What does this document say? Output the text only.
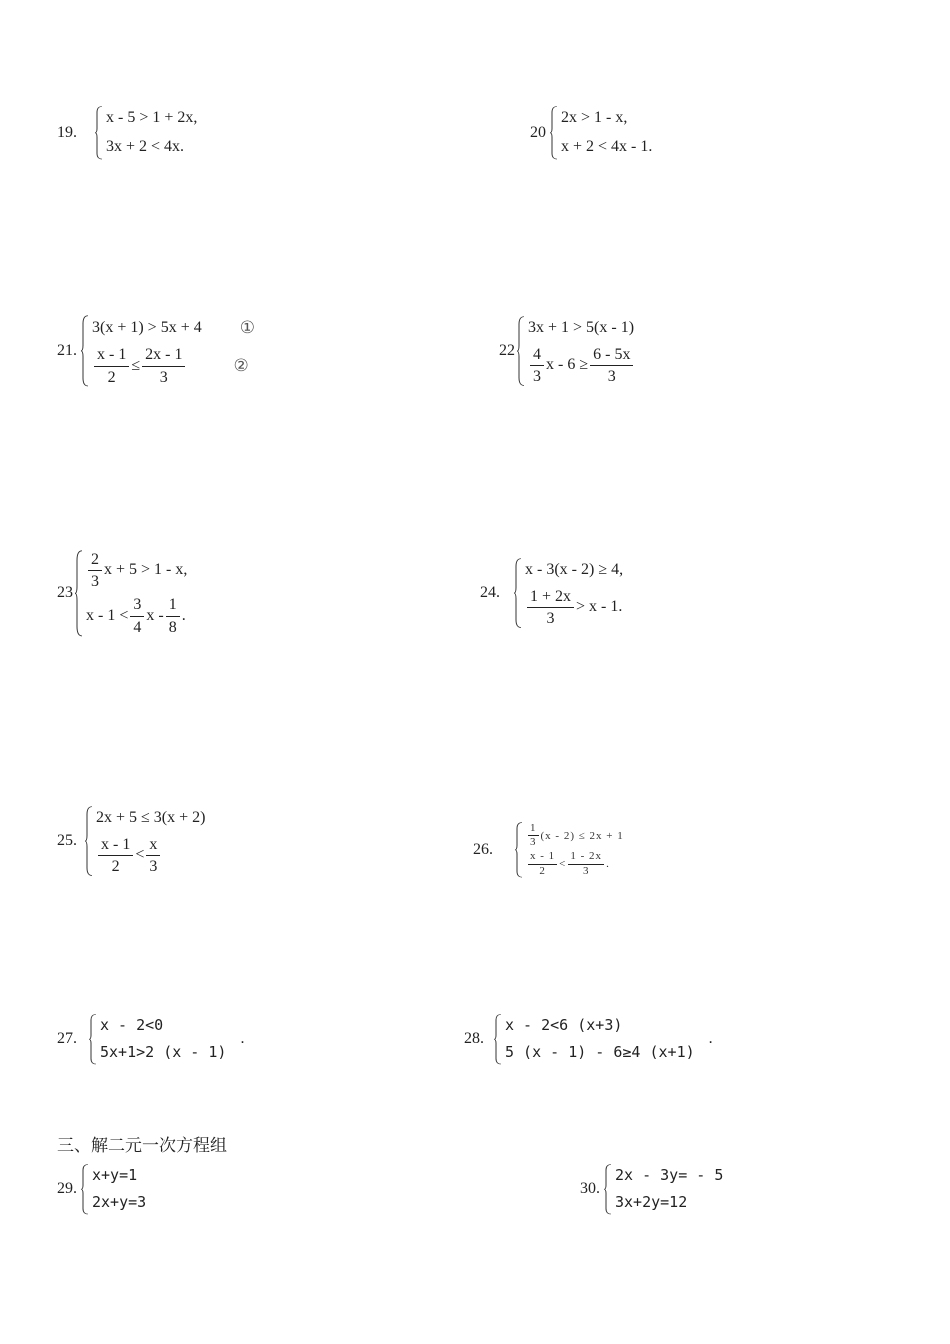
19.
x - 5 > 1 + 2x,
3x + 2 < 4x.
20
2x > 1 - x,
x + 2 < 4x - 1.
21.
3(x + 1) > 5x + 4 ①
$\frac{x - 1}{2} \le \frac{2x - 1}{3}$	②
22
3x + 1 > 5(x - 1)
$\frac{4}{3}$ $x - 6 \ge \frac{6 - 5x}{3}$
23
$\frac{2}{3}$ x + 5 > 1 - x,
$x - 1 < \frac{3}{4}$ x - $\frac{1}{8}$ .
24.
x - 3(x - 2) ≥ 4,
$\frac{1 + 2x}{3} > x - 1$.
25.
2x + 5 ≤ 3(x + 2)
$\frac{x - 1}{2} < \frac{x}{3}$	26.	$\frac{1}{3} (x - 2) \le 2x + 1$
$\frac{x - 1}{2} < \frac{1 - 2x}{3}$ .
27.
x - 2<0
5x+1>2 (x - 1)
.	28.
x - 2<6 (x+3)
5 (x - 1) - 6≥4 (x+1)
.
三、解二元一次方程组
29.
x+y=1
2x+y=3
30.
2x - 3y= - 5
3x+2y=12
